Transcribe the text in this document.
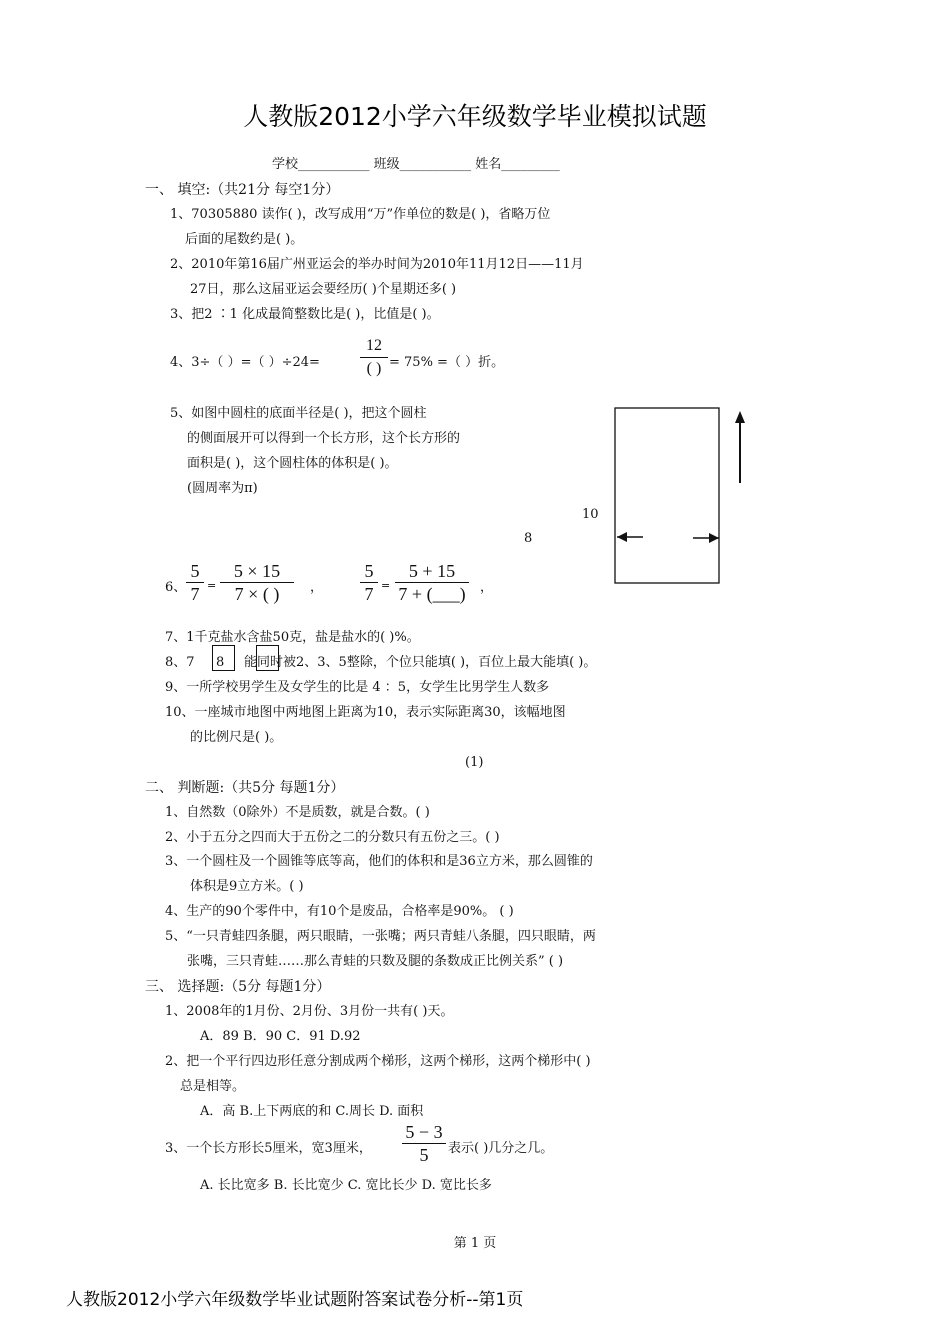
人教版2012小学六年级数学毕业模拟试题
学校___________ 班级___________ 姓名_________
一、 填空:（共21分 每空1分）
1、70305880 读作( )，改写成用“万”作单位的数是( )，省略万位
后面的尾数约是( )。
2、2010年第16届广州亚运会的举办时间为2010年11月12日——11月
27日，那么这届亚运会要经历( )个星期还多( )
3、把2 ∶1 化成最简整数比是( )，比值是( )。
4、3÷（ ）=（ ）÷24=
12
( ) = 75% =（ ）折。
5、如图中圆柱的底面半径是( )，把这个圆柱
的侧面展开可以得到一个长方形，这个长方形的
面积是( )，这个圆柱体的体积是( )。
(圆周率为π)
10
8
6、
5
7 =
5 × 15
7 × ( )	，
5
7 =
5 + 15
7 + (___) ，
7、1千克盐水含盐50克，盐是盐水的( )%。
8、7 8 能同时被2、3、5整除，个位只能填( )，百位上最大能填( )。
9、一所学校男学生及女学生的比是 4 ：5，女学生比男学生人数多
10、一座城市地图中两地图上距离为10，表示实际距离30，该幅地图
的比例尺是( )。
(1)
二、 判断题:（共5分 每题1分）
1、自然数（0除外）不是质数，就是合数。( )
2、小于五分之四而大于五份之二的分数只有五份之三。( )
3、一个圆柱及一个圆锥等底等高，他们的体积和是36立方米，那么圆锥的
体积是9立方米。( )
4、生产的90个零件中，有10个是废品，合格率是90%。 ( )
5、“一只青蛙四条腿，两只眼睛，一张嘴；两只青蛙八条腿，四只眼睛，两
张嘴，三只青蛙……那么青蛙的只数及腿的条数成正比例关系” ( )
三、 选择题:（5分 每题1分）
1、2008年的1月份、2月份、3月份一共有( )天。
A．89 B．90 C．91 D.92
2、把一个平行四边形任意分割成两个梯形，这两个梯形，这两个梯形中( )
总是相等。
A．高 B.上下两底的和 C.周长 D. 面积
3、一个长方形长5厘米，宽3厘米，
5 − 3
5	表示( )几分之几。
A. 长比宽多 B. 长比宽少 C. 宽比长少 D. 宽比长多
第 1 页
人教版2012小学六年级数学毕业试题附答案试卷分析--第1页
